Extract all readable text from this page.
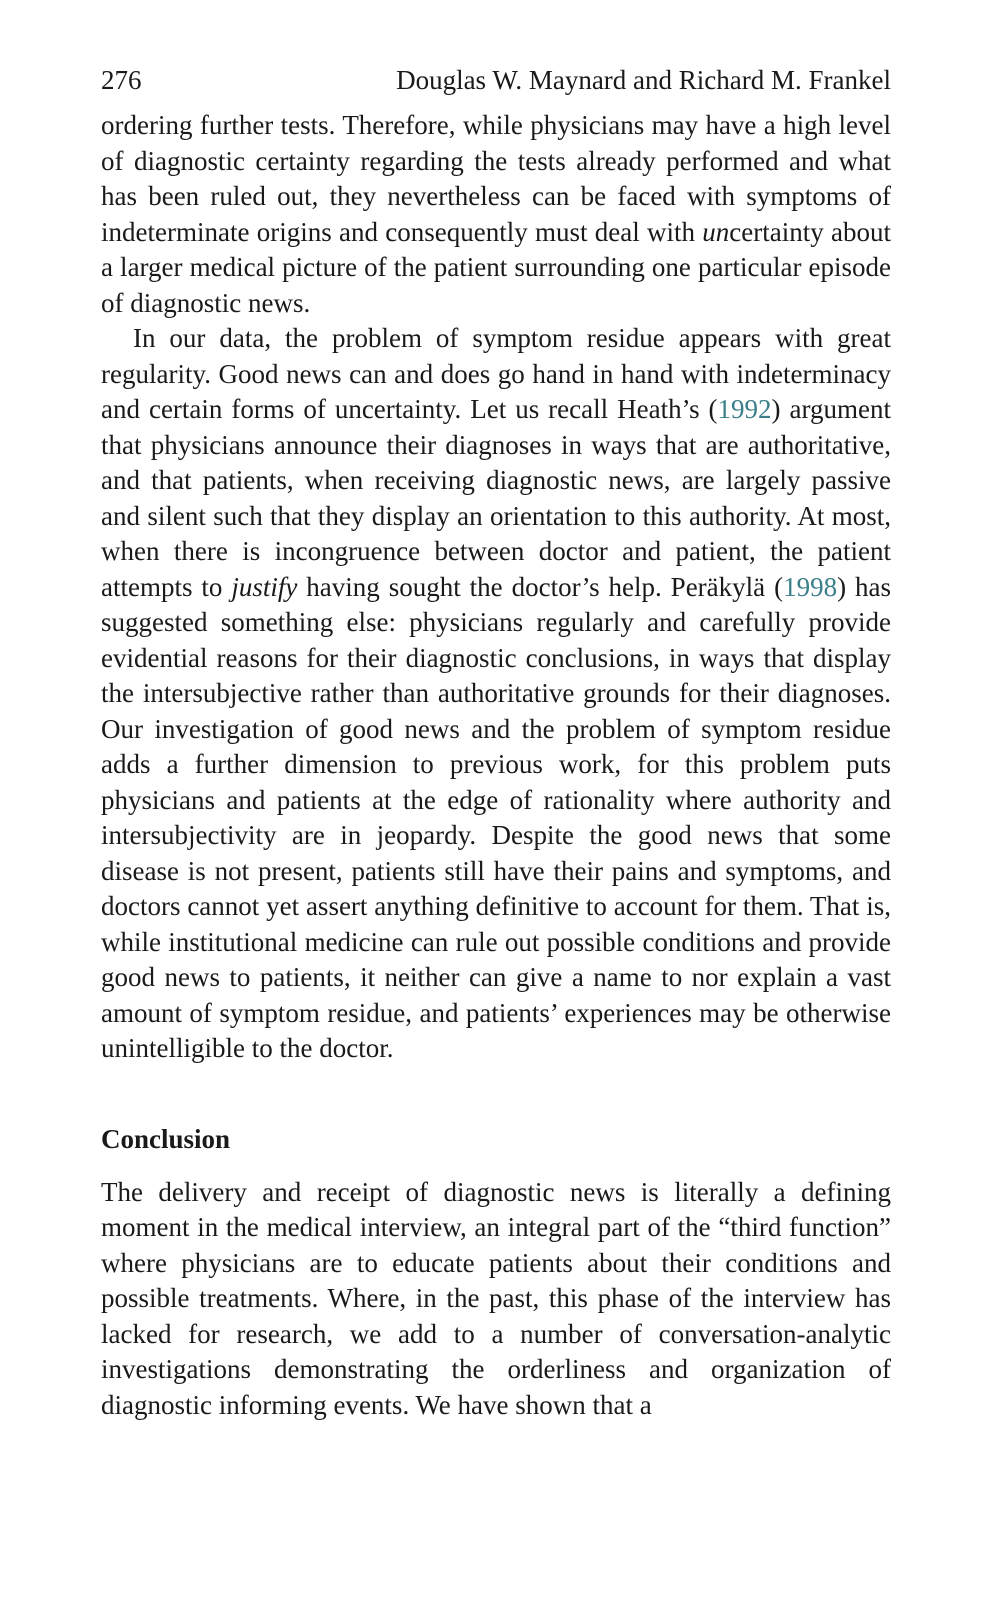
276	Douglas W. Maynard and Richard M. Frankel

ordering further tests. Therefore, while physicians may have a high level of diagnostic certainty regarding the tests already performed and what has been ruled out, they nevertheless can be faced with symptoms of indeterminate origins and consequently must deal with uncertainty about a larger medical picture of the patient surrounding one particular episode of diagnostic news.

In our data, the problem of symptom residue appears with great regularity. Good news can and does go hand in hand with indeterminacy and certain forms of uncertainty. Let us recall Heath’s (1992) argument that physicians announce their diagnoses in ways that are authoritative, and that patients, when receiving diagnostic news, are largely passive and silent such that they display an orientation to this authority. At most, when there is incongruence between doctor and patient, the patient attempts to justify having sought the doctor’s help. Peräkylä (1998) has suggested something else: physicians regularly and carefully provide evidential reasons for their diagnostic conclusions, in ways that display the intersubjective rather than authoritative grounds for their diagnoses. Our investigation of good news and the problem of symptom residue adds a further dimension to previous work, for this problem puts physicians and patients at the edge of rationality where authority and intersubjectivity are in jeopardy. Despite the good news that some disease is not present, patients still have their pains and symptoms, and doctors cannot yet assert anything definitive to account for them. That is, while institutional medicine can rule out possible conditions and provide good news to patients, it neither can give a name to nor explain a vast amount of symptom residue, and patients’ experiences may be otherwise unintelligible to the doctor.

Conclusion

The delivery and receipt of diagnostic news is literally a defining moment in the medical interview, an integral part of the “third function” where physicians are to educate patients about their conditions and possible treatments. Where, in the past, this phase of the interview has lacked for research, we add to a number of conversation-analytic investigations demonstrating the orderliness and organization of diagnostic informing events. We have shown that a
